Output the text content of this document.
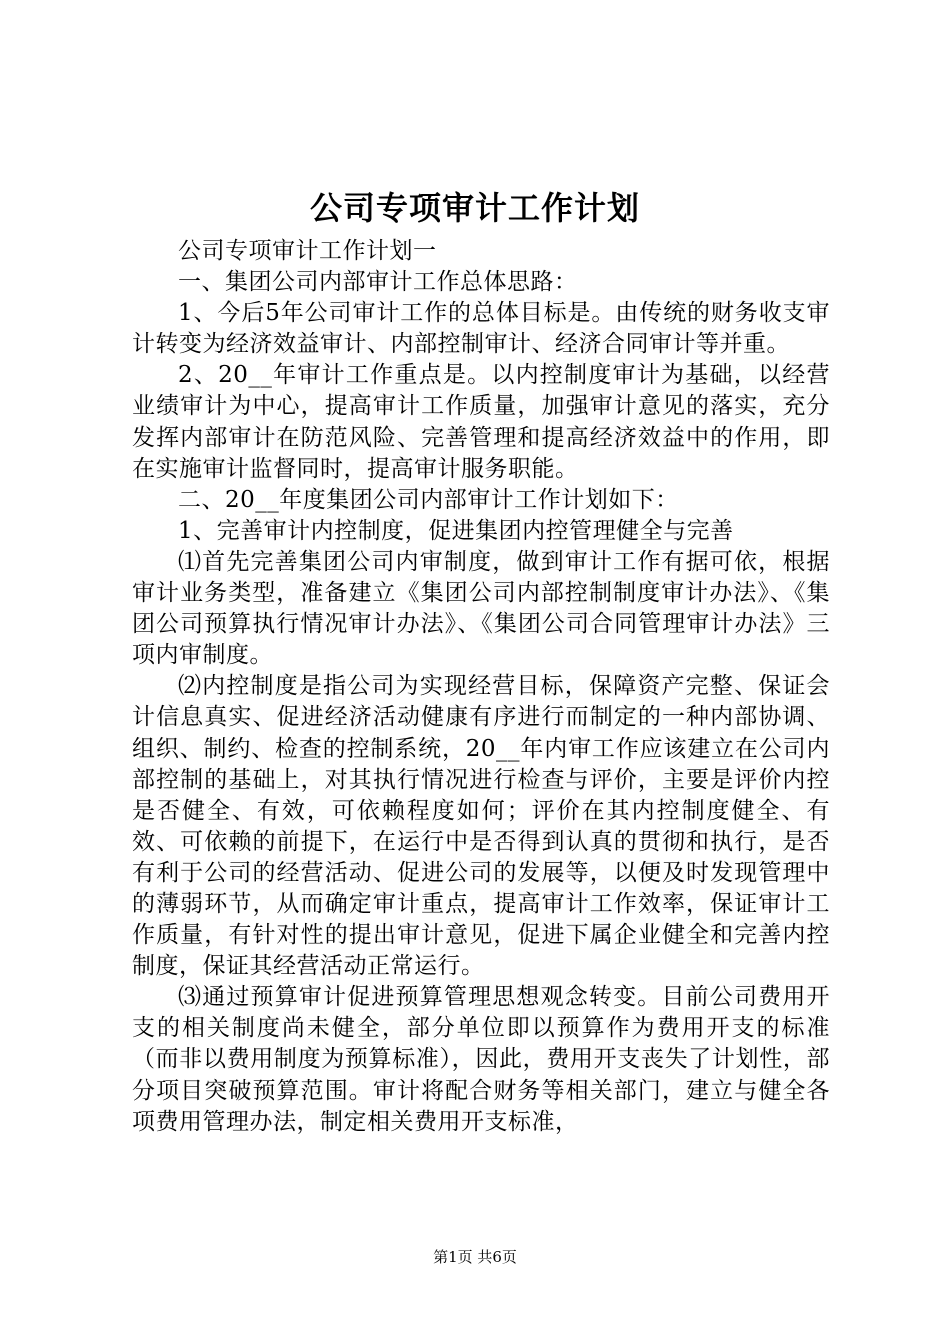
公司专项审计工作计划

公司专项审计工作计划一

一、集团公司内部审计工作总体思路：

1、今后5年公司审计工作的总体目标是。由传统的财务收支审计转变为经济效益审计、内部控制审计、经济合同审计等并重。

2、20__年审计工作重点是。以内控制度审计为基础，以经营业绩审计为中心，提高审计工作质量，加强审计意见的落实，充分发挥内部审计在防范风险、完善管理和提高经济效益中的作用，即在实施审计监督同时，提高审计服务职能。

二、20__年度集团公司内部审计工作计划如下：

1、完善审计内控制度，促进集团内控管理健全与完善

⑴首先完善集团公司内审制度，做到审计工作有据可依，根据审计业务类型，准备建立《集团公司内部控制制度审计办法》、《集团公司预算执行情况审计办法》、《集团公司合同管理审计办法》三项内审制度。

⑵内控制度是指公司为实现经营目标，保障资产完整、保证会计信息真实、促进经济活动健康有序进行而制定的一种内部协调、组织、制约、检查的控制系统，20__年内审工作应该建立在公司内部控制的基础上，对其执行情况进行检查与评价，主要是评价内控是否健全、有效，可依赖程度如何；评价在其内控制度健全、有效、可依赖的前提下，在运行中是否得到认真的贯彻和执行，是否有利于公司的经营活动、促进公司的发展等，以便及时发现管理中的薄弱环节，从而确定审计重点，提高审计工作效率，保证审计工作质量，有针对性的提出审计意见，促进下属企业健全和完善内控制度，保证其经营活动正常运行。

⑶通过预算审计促进预算管理思想观念转变。目前公司费用开支的相关制度尚未健全，部分单位即以预算作为费用开支的标准（而非以费用制度为预算标准），因此，费用开支丧失了计划性，部分项目突破预算范围。审计将配合财务等相关部门，建立与健全各项费用管理办法，制定相关费用开支标准，

第1页 共6页
